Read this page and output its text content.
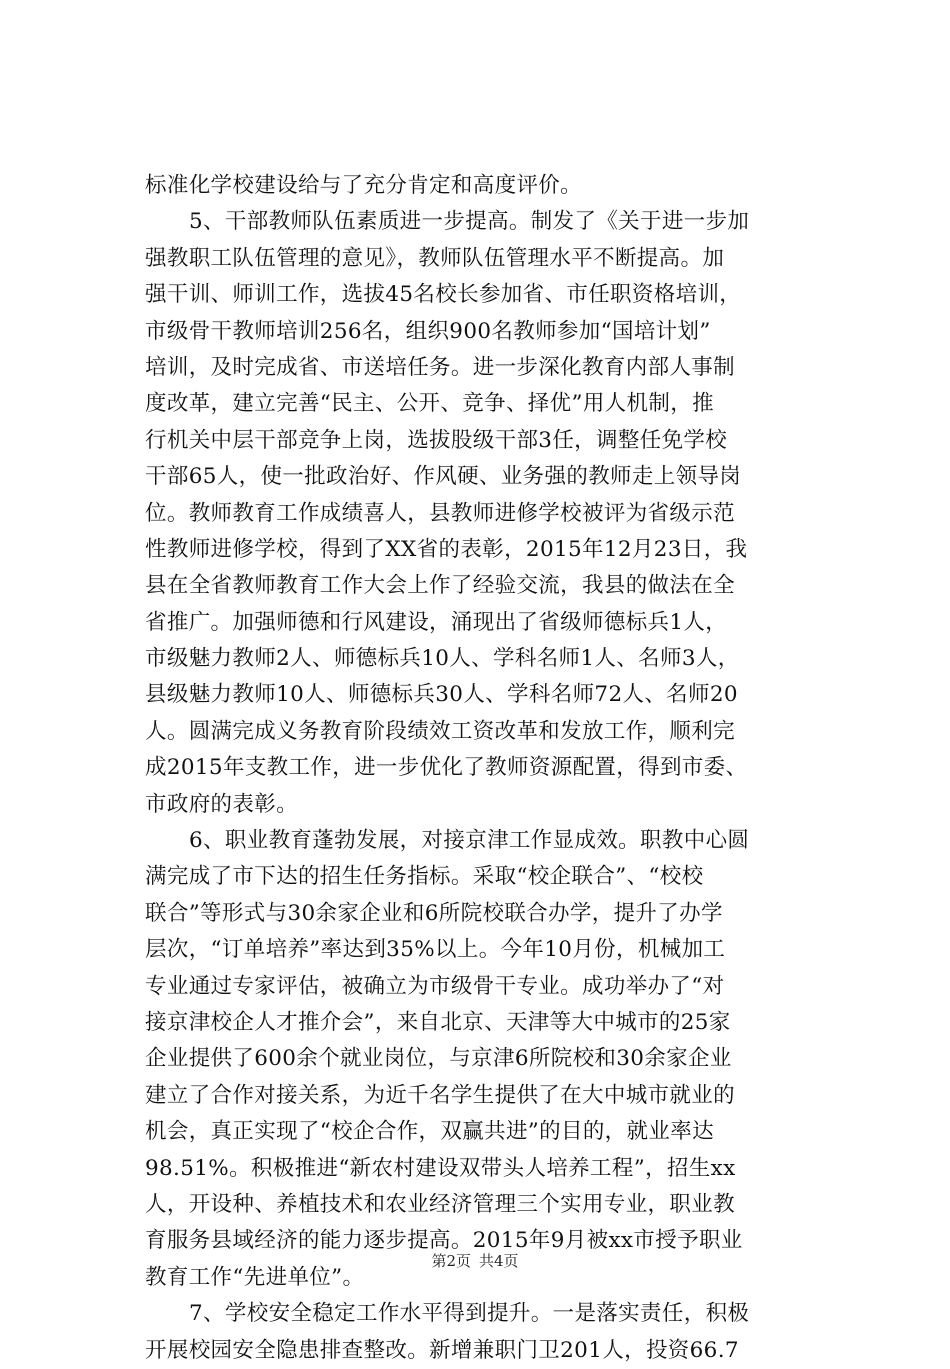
标准化学校建设给与了充分肯定和高度评价。
5、干部教师队伍素质进一步提高。制发了《关于进一步加
强教职工队伍管理的意见》，教师队伍管理水平不断提高。加
强干训、师训工作，选拔45名校长参加省、市任职资格培训，
市级骨干教师培训256名，组织900名教师参加“国培计划”
培训，及时完成省、市送培任务。进一步深化教育内部人事制
度改革，建立完善“民主、公开、竞争、择优”用人机制，推
行机关中层干部竞争上岗，选拔股级干部3任，调整任免学校
干部65人，使一批政治好、作风硬、业务强的教师走上领导岗
位。教师教育工作成绩喜人，县教师进修学校被评为省级示范
性教师进修学校，得到了XX省的表彰，2015年12月23日，我
县在全省教师教育工作大会上作了经验交流，我县的做法在全
省推广。加强师德和行风建设，涌现出了省级师德标兵1人，
市级魅力教师2人、师德标兵10人、学科名师1人、名师3人，
县级魅力教师10人、师德标兵30人、学科名师72人、名师20
人。圆满完成义务教育阶段绩效工资改革和发放工作，顺利完
成2015年支教工作，进一步优化了教师资源配置，得到市委、
市政府的表彰。
6、职业教育蓬勃发展，对接京津工作显成效。职教中心圆
满完成了市下达的招生任务指标。采取“校企联合”、“校校
联合”等形式与30余家企业和6所院校联合办学，提升了办学
层次，“订单培养”率达到35%以上。今年10月份，机械加工
专业通过专家评估，被确立为市级骨干专业。成功举办了“对
接京津校企人才推介会”，来自北京、天津等大中城市的25家
企业提供了600余个就业岗位，与京津6所院校和30余家企业
建立了合作对接关系，为近千名学生提供了在大中城市就业的
机会，真正实现了“校企合作，双赢共进”的目的，就业率达
98.51%。积极推进“新农村建设双带头人培养工程”，招生xx
人，开设种、养植技术和农业经济管理三个实用专业，职业教
育服务县域经济的能力逐步提高。2015年9月被xx市授予职业
教育工作“先进单位”。
7、学校安全稳定工作水平得到提升。一是落实责任，积极
开展校园安全隐患排查整改。新增兼职门卫201人，投资66.7
第2页 共4页
